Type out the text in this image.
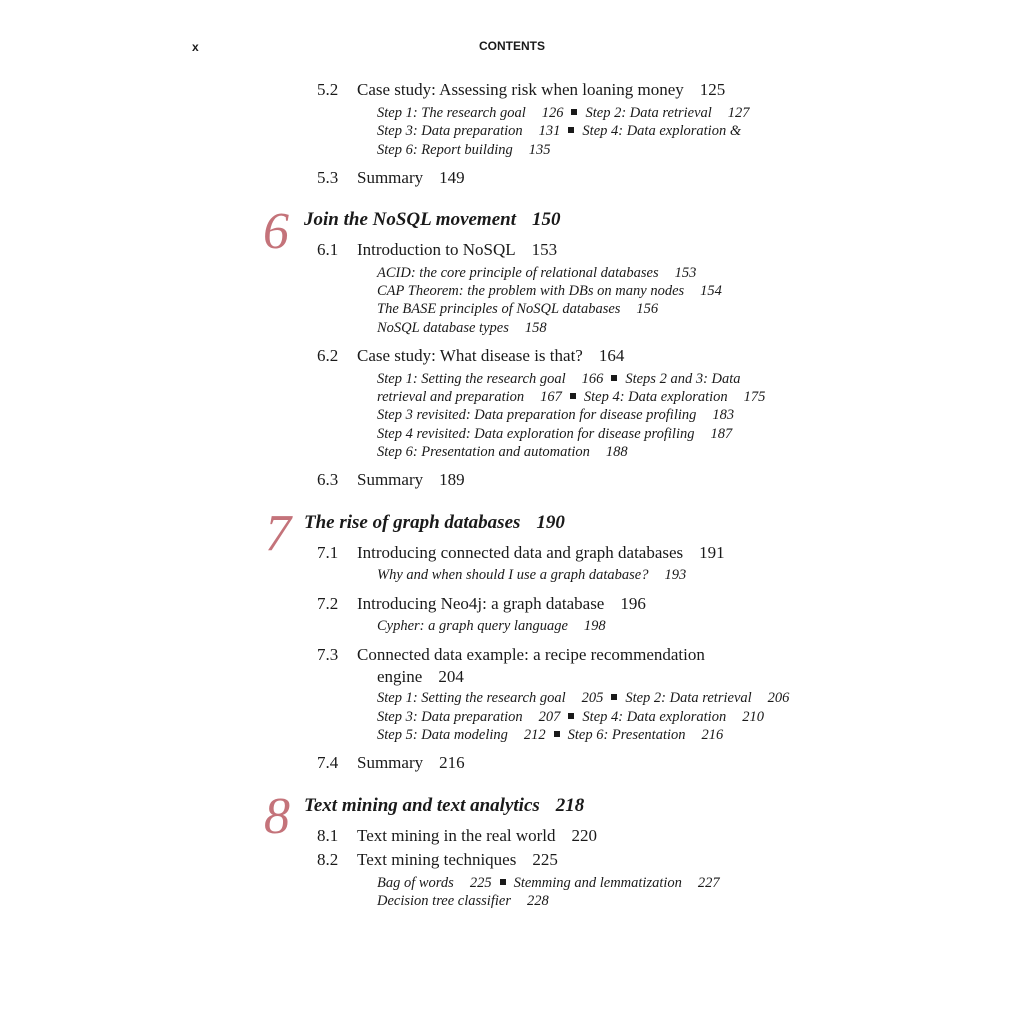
x	CONTENTS
5.2 Case study: Assessing risk when loaning money 125
Step 1: The research goal 126 Step 2: Data retrieval 127
Step 3: Data preparation 131 Step 4: Data exploration &
Step 6: Report building 135
5.3 Summary 149
6 Join the NoSQL movement 150
6.1 Introduction to NoSQL 153
ACID: the core principle of relational databases 153
CAP Theorem: the problem with DBs on many nodes 154
The BASE principles of NoSQL databases 156
NoSQL database types 158
6.2 Case study: What disease is that? 164
Step 1: Setting the research goal 166 Steps 2 and 3: Data
retrieval and preparation 167 Step 4: Data exploration 175
Step 3 revisited: Data preparation for disease profiling 183
Step 4 revisited: Data exploration for disease profiling 187
Step 6: Presentation and automation 188
6.3 Summary 189
7 The rise of graph databases 190
7.1 Introducing connected data and graph databases 191
Why and when should I use a graph database? 193
7.2 Introducing Neo4j: a graph database 196
Cypher: a graph query language 198
7.3 Connected data example: a recipe recommendation
engine 204
Step 1: Setting the research goal 205 Step 2: Data retrieval 206
Step 3: Data preparation 207 Step 4: Data exploration 210
Step 5: Data modeling 212 Step 6: Presentation 216
7.4 Summary 216
8 Text mining and text analytics 218
8.1 Text mining in the real world 220
8.2 Text mining techniques 225
Bag of words 225 Stemming and lemmatization 227
Decision tree classifier 228
